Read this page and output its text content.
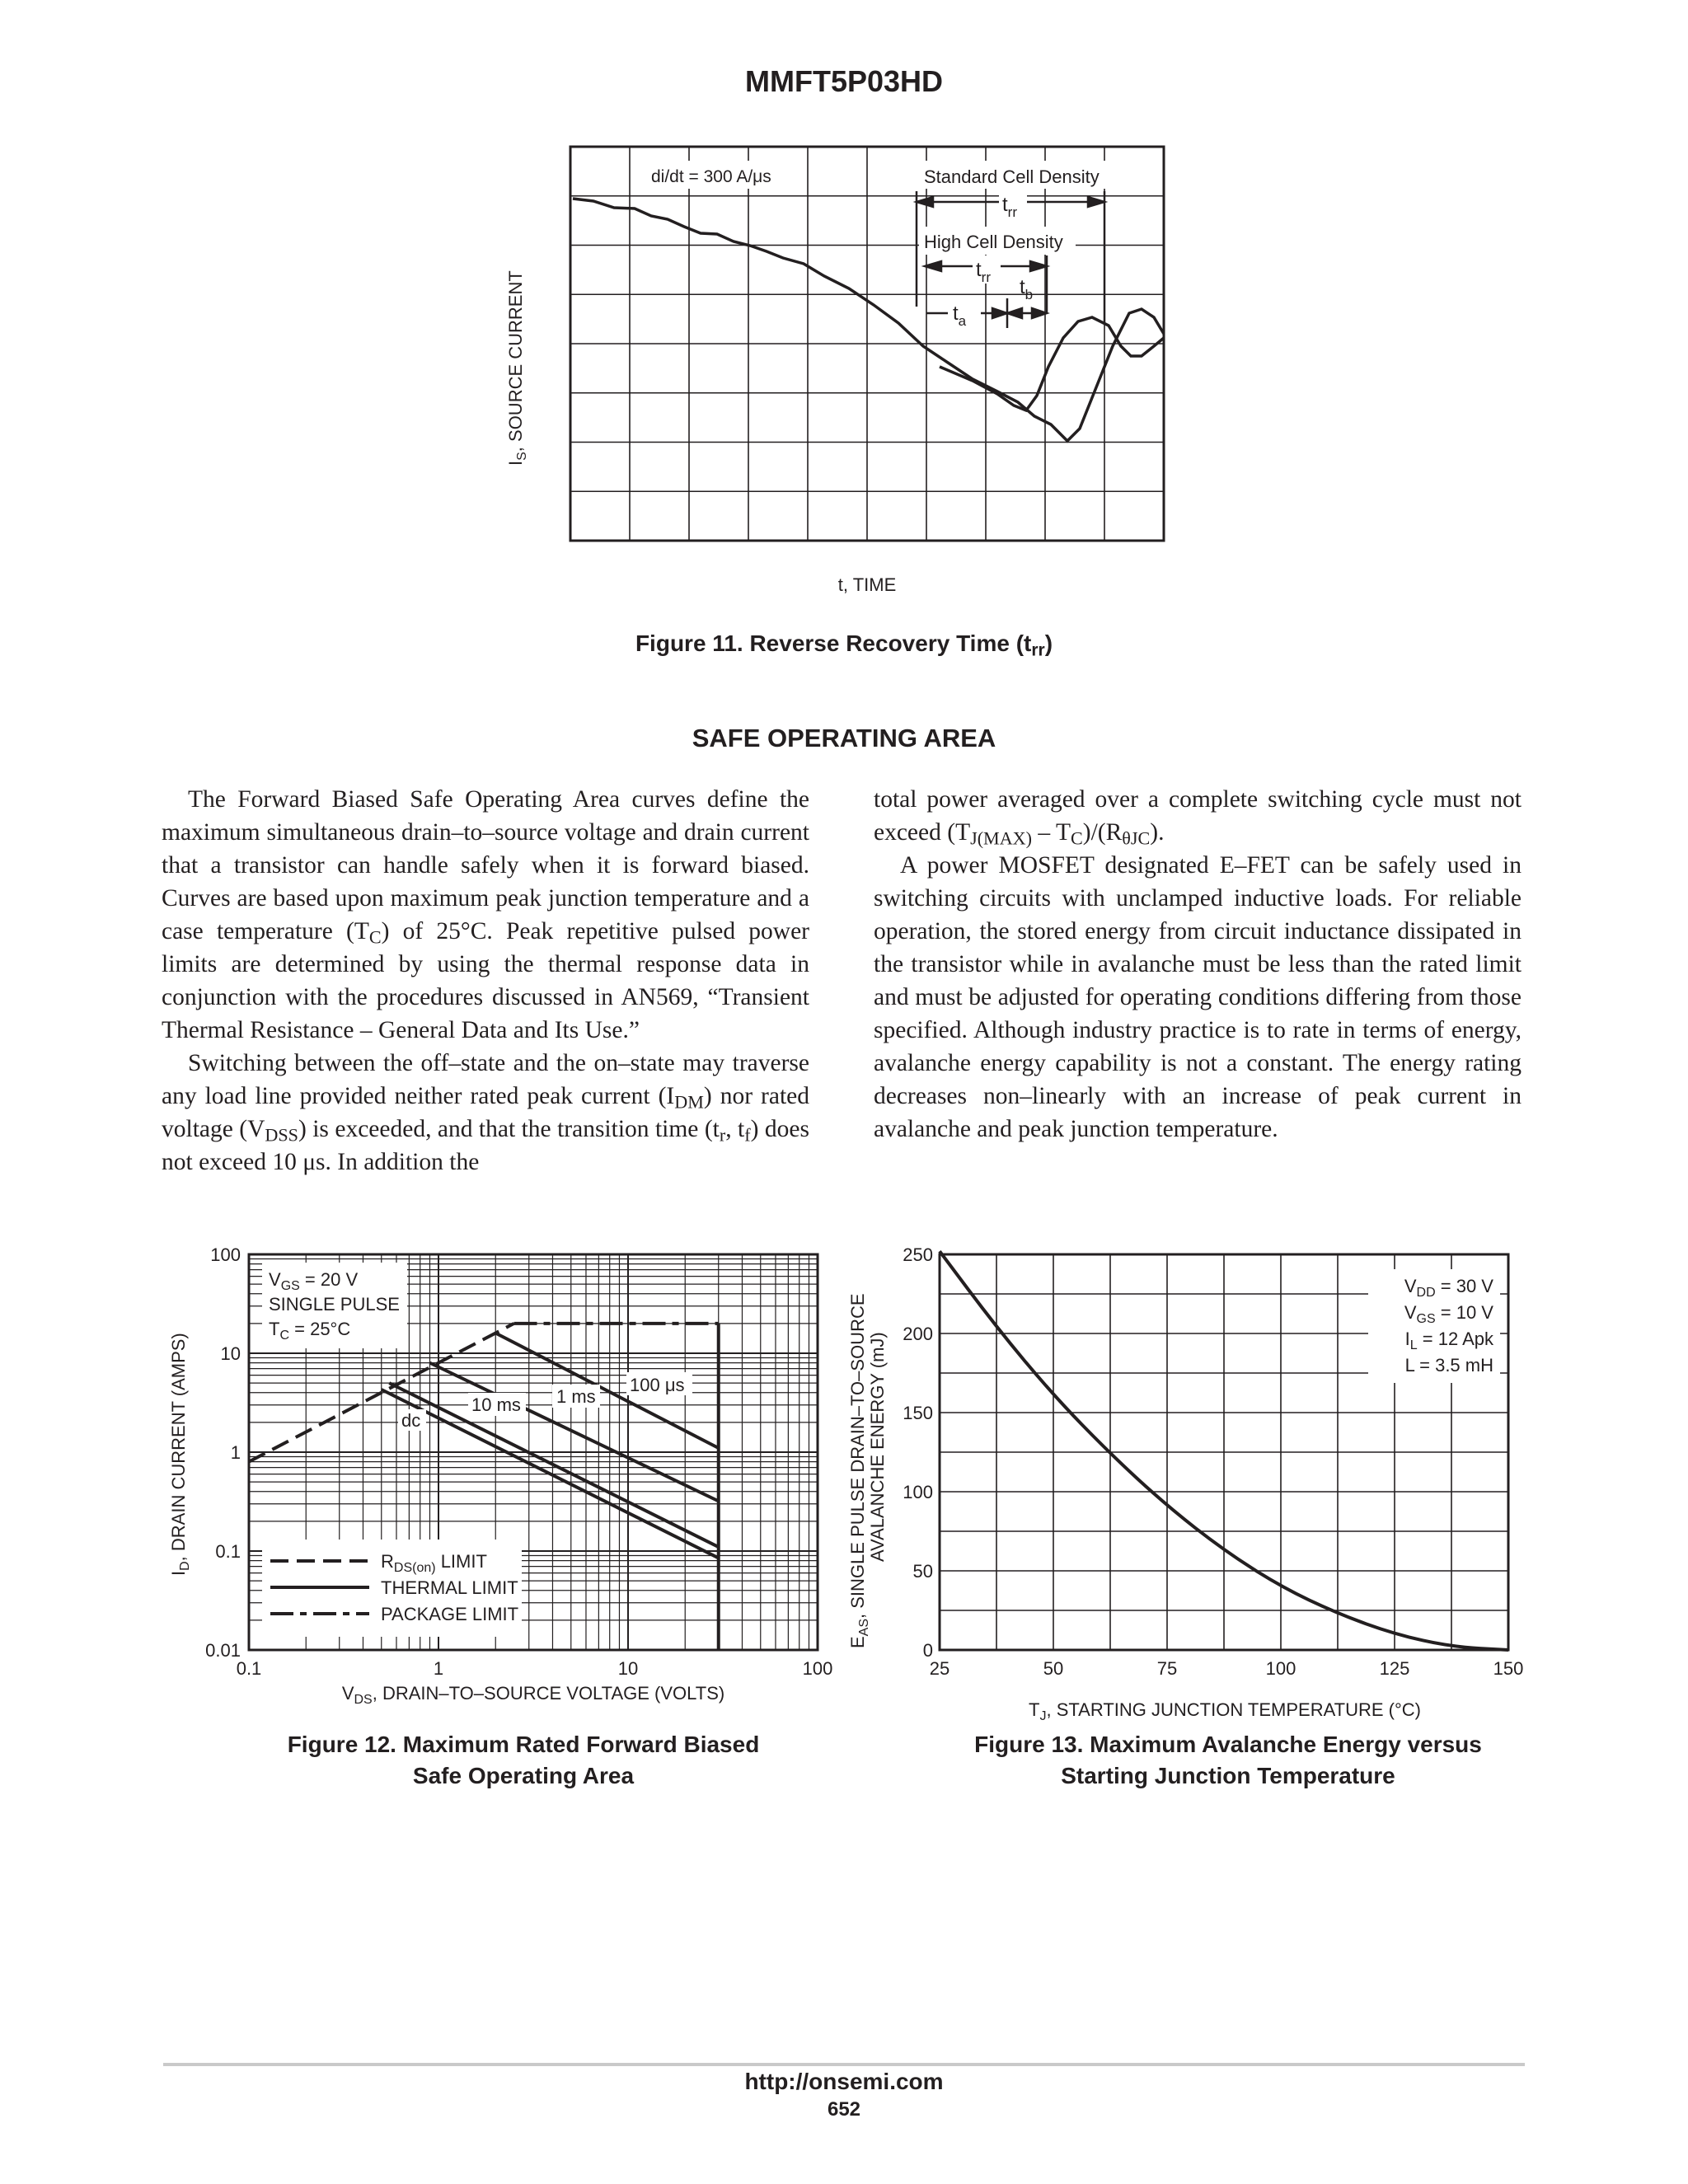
MMFT5P03HD
di/dt = 300 A/μs	Standard Cell Density
High Cell Density
$t_{rr}$
$t_{rr}$
$t_a$
$t_b$
$I_S$, SOURCE CURRENT
t, TIME
Figure 11. Reverse Recovery Time $(t_{rr})$
SAFE OPERATING AREA

The Forward Biased Safe Operating Area curves define the maximum simultaneous drain–to–source voltage and drain current that a transistor can handle safely when it is forward biased. Curves are based upon maximum peak junction temperature and a case temperature $(T_C)$ of 25°C. Peak repetitive pulsed power limits are determined by using the thermal response data in conjunction with the procedures discussed in AN569, “Transient Thermal Resistance – General Data and Its Use.”

Switching between the off–state and the on–state may traverse any load line provided neither rated peak current $(I_{DM})$ nor rated voltage $(V_{DSS})$ is exceeded, and that the transition time ($t_r$, $t_f$) does not exceed 10 μs. In addition the

total power averaged over a complete switching cycle must not exceed $(T_{J(MAX)} - T_C)/(R_{\theta JC})$.

A power MOSFET designated E–FET can be safely used in switching circuits with unclamped inductive loads. For reliable operation, the stored energy from circuit inductance dissipated in the transistor while in avalanche must be less than the rated limit and must be adjusted for operating conditions differing from those specified. Although industry practice is to rate in terms of energy, avalanche energy capability is not a constant. The energy rating decreases non–linearly with an increase of peak current in avalanche and peak junction temperature.

0.1	1	10	100
0.01
0.1
1
10
100
$V_{GS} = 20$ V
SINGLE PULSE
$T_C = 25^\circ C$
100 μs
1 ms
10 ms
dc
$R_{DS(on)}$ LIMIT
THERMAL LIMIT
PACKAGE LIMIT
$V_{DS}$, DRAIN–TO–SOURCE VOLTAGE (VOLTS)
$I_D$, DRAIN CURRENT (AMPS)
Figure 12. Maximum Rated Forward Biased
Safe Operating Area
25	50	75	100	125	150
0
50
100
150
200
250
$V_{DD} = 30$ V
$V_{GS} = 10$ V
$I_L = 12$ Apk
L = 3.5 mH
$T_J$, STARTING JUNCTION TEMPERATURE (°C)
$E_{AS}$, SINGLE PULSE DRAIN–TO–SOURCE AVALANCHE ENERGY (mJ)
Figure 13. Maximum Avalanche Energy versus
Starting Junction Temperature
http://onsemi.com
652
